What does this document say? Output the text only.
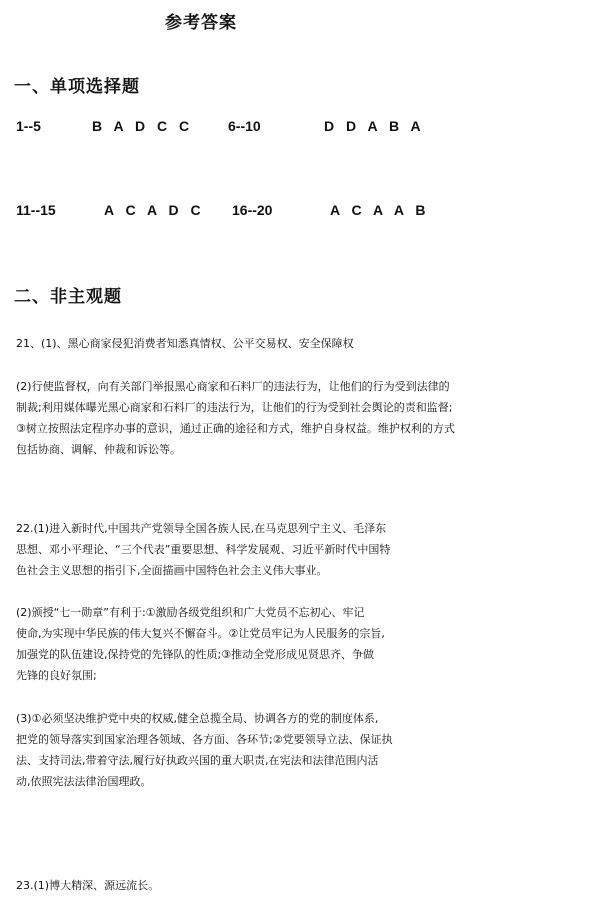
参考答案
一、单项选择题
1--5	B A D C C 6--10	D D A B A
11--15	A C A D C 16--20	A C A A B
二、非主观题
21、(1)、黑心商家侵犯消费者知悉真情权、公平交易权、安全保障权
(2)行使监督权，向有关部门举报黑心商家和石料厂的违法行为，让他们的行为受到法律的
制裁;利用媒体曝光黑心商家和石料厂的违法行为，让他们的行为受到社会舆论的责和监督;
③树立按照法定程序办事的意识，通过正确的途径和方式，维护自身权益。维护权利的方式
包括协商、调解、仲裁和诉讼等。
22.(1)进入新时代,中国共产党领导全国各族人民,在马克思列宁主义、毛泽东
思想、邓小平理论、“三个代表”重要思想、科学发展观、习近平新时代中国特
色社会主义思想的指引下,全面描画中国特色社会主义伟大事业。
(2)颁授“七一勋章”有利于:①激励各级党组织和广大党员不忘初心、牢记
使命,为实现中华民族的伟大复兴不懈奋斗。②让党员牢记为人民服务的宗旨,
加强党的队伍建设,保持党的先锋队的性质;③推动全党形成见贤思齐、争做
先锋的良好氛围;
(3)①必须坚决维护党中央的权威,健全总揽全局、协调各方的党的制度体系,
把党的领导落实到国家治理各领域、各方面、各环节;②党要领导立法、保证执
法、支持司法,带着守法,履行好执政兴国的重大职责,在宪法和法律范围内活
动,依照宪法法律治国理政。
23.(1)博大精深、源远流长。
